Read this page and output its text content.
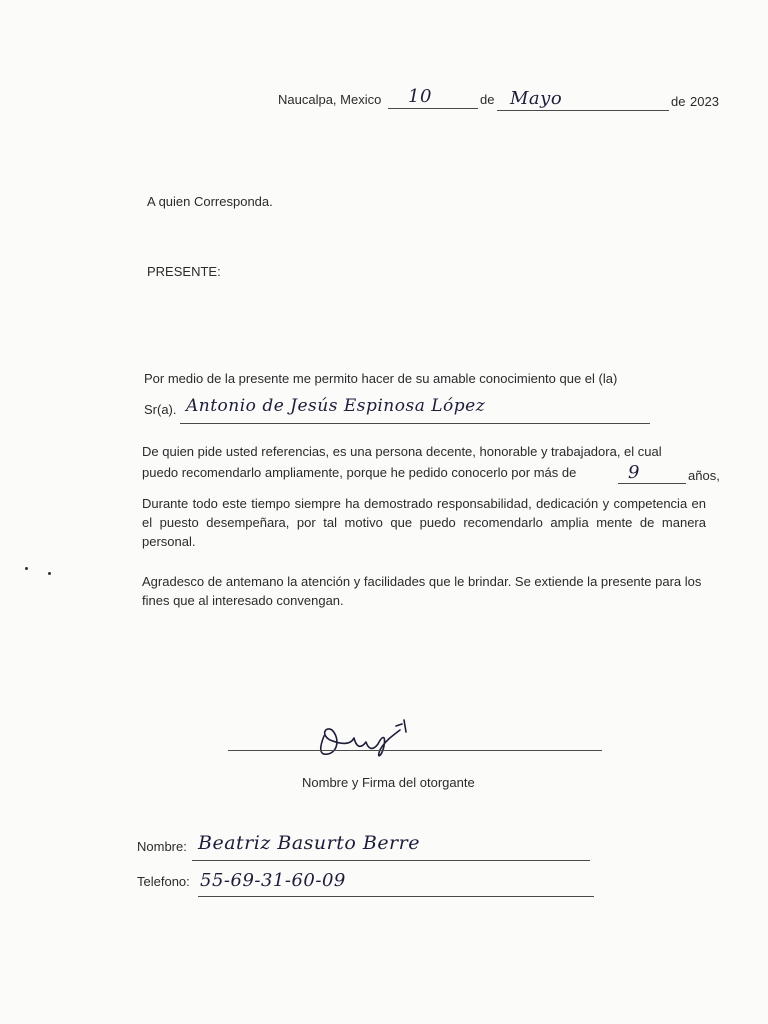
Naucalpa, Mexico 10	de Mayo	de 2023
A quien Corresponda.
PRESENTE:
Por medio de la presente me permito hacer de su amable conocimiento que el (la)
Sr(a). Antonio de Jesús Espinosa López
De quien pide usted referencias, es una persona decente, honorable y trabajadora, el cual
puedo recomendarlo ampliamente, porque he pedido conocerlo por más de	9	años,
Durante todo este tiempo siempre ha demostrado responsabilidad, dedicación y competencia en el puesto desempeñara, por tal motivo que puedo recomendarlo amplia mente de manera personal.
Agradesco de antemano la atención y facilidades que le brindar. Se extiende la presente para los fines que al interesado convengan.
Nombre y Firma del otorgante
Nombre: Beatriz Basurto Berre
Telefono: 55-69-31-60-09
